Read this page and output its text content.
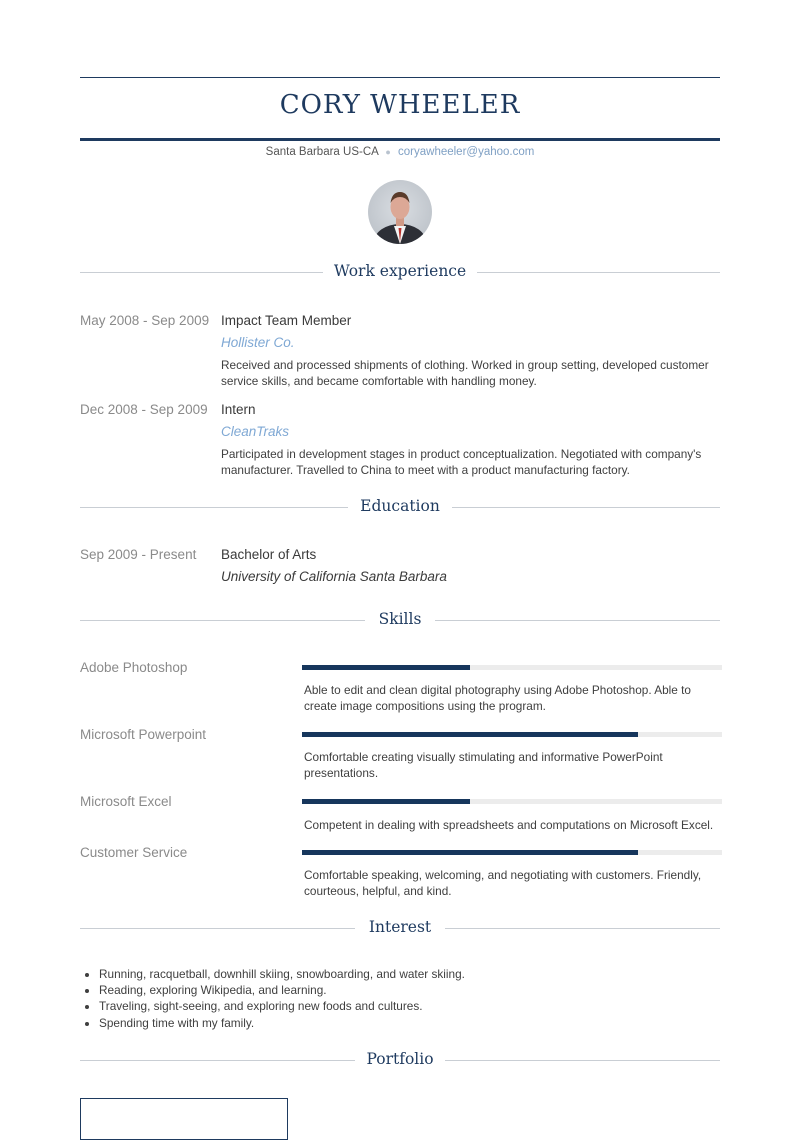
CORY WHEELER
Santa Barbara US-CA ● coryawheeler@yahoo.com
Work experience
May 2008 - Sep 2009 Impact Team Member
Hollister Co.
Received and processed shipments of clothing. Worked in group setting, developed customer service skills, and became comfortable with handling money.
Dec 2008 - Sep 2009 Intern
CleanTraks
Participated in development stages in product conceptualization. Negotiated with company's manufacturer. Travelled to China to meet with a product manufacturing factory.
Education
Sep 2009 - Present Bachelor of Arts
University of California Santa Barbara
Skills
Adobe Photoshop
Able to edit and clean digital photography using Adobe Photoshop. Able to create image compositions using the program.
Microsoft Powerpoint
Comfortable creating visually stimulating and informative PowerPoint presentations.
Microsoft Excel
Competent in dealing with spreadsheets and computations on Microsoft Excel.
Customer Service
Comfortable speaking, welcoming, and negotiating with customers. Friendly, courteous, helpful, and kind.
Interest
• Running, racquetball, downhill skiing, snowboarding, and water skiing.
• Reading, exploring Wikipedia, and learning.
• Traveling, sight-seeing, and exploring new foods and cultures.
• Spending time with my family.
Portfolio
